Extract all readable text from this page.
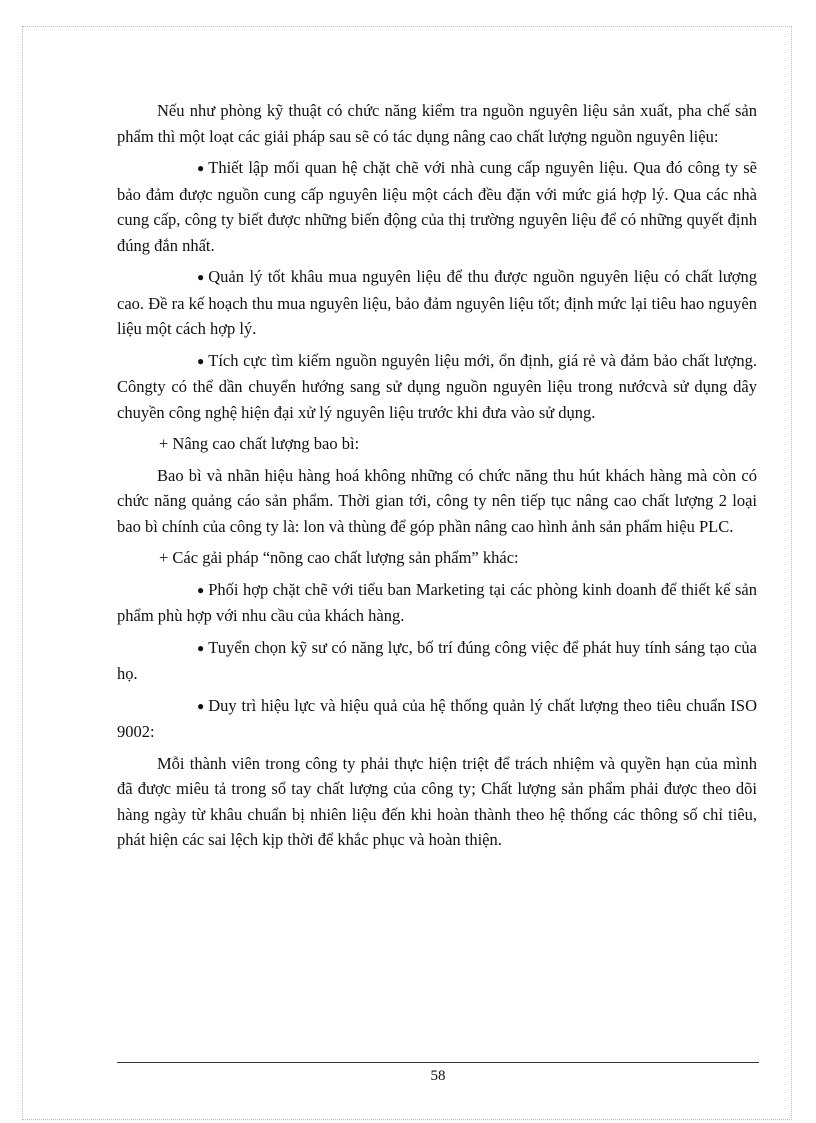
Nếu như phòng kỹ thuật có chức năng kiểm tra nguồn nguyên liệu sản xuất, pha chế sản phẩm thì một loạt các giải pháp sau sẽ có tác dụng nâng cao chất lượng nguồn nguyên liệu:

● Thiết lập mối quan hệ chặt chẽ với nhà cung cấp nguyên liệu. Qua đó công ty sẽ bảo đảm được nguồn cung cấp nguyên liệu một cách đều đặn với mức giá hợp lý. Qua các nhà cung cấp, công ty biết được những biến động của thị trường nguyên liệu để có những quyết định đúng đắn nhất.

● Quản lý tốt khâu mua nguyên liệu để thu được nguồn nguyên liệu có chất lượng cao. Đề ra kế hoạch thu mua nguyên liệu, bảo đảm nguyên liệu tốt; định mức lại tiêu hao nguyên liệu một cách hợp lý.

● Tích cực tìm kiếm nguồn nguyên liệu mới, ổn định, giá rẻ và đảm bảo chất lượng. Côngty có thể dần chuyển hướng sang sử dụng nguồn nguyên liệu trong nướcvà sử dụng dây chuyền công nghệ hiện đại xử lý nguyên liệu trước khi đưa vào sử dụng.

+ Nâng cao chất lượng bao bì:

Bao bì và nhãn hiệu hàng hoá không những có chức năng thu hút khách hàng mà còn có chức năng quảng cáo sản phẩm. Thời gian tới, công ty nên tiếp tục nâng cao chất lượng 2 loại bao bì chính của công ty là: lon và thùng để góp phần nâng cao hình ảnh sản phẩm hiệu PLC.

+ Các gải pháp “nõng cao chất lượng sản phẩm” khác:

● Phối hợp chặt chẽ với tiểu ban Marketing tại các phòng kinh doanh để thiết kế sản phẩm phù hợp với nhu cầu của khách hàng.

● Tuyển chọn kỹ sư có năng lực, bố trí đúng công việc để phát huy tính sáng tạo của họ.

● Duy trì hiệu lực và hiệu quả của hệ thống quản lý chất lượng theo tiêu chuẩn ISO 9002:

Mỗi thành viên trong công ty phải thực hiện triệt để trách nhiệm và quyền hạn của mình đã được miêu tả trong sổ tay chất lượng của công ty; Chất lượng sản phẩm phải được theo dõi hàng ngày từ khâu chuẩn bị nhiên liệu đến khi hoàn thành theo hệ thống các thông số chỉ tiêu, phát hiện các sai lệch kịp thời để khắc phục và hoàn thiện.

58
